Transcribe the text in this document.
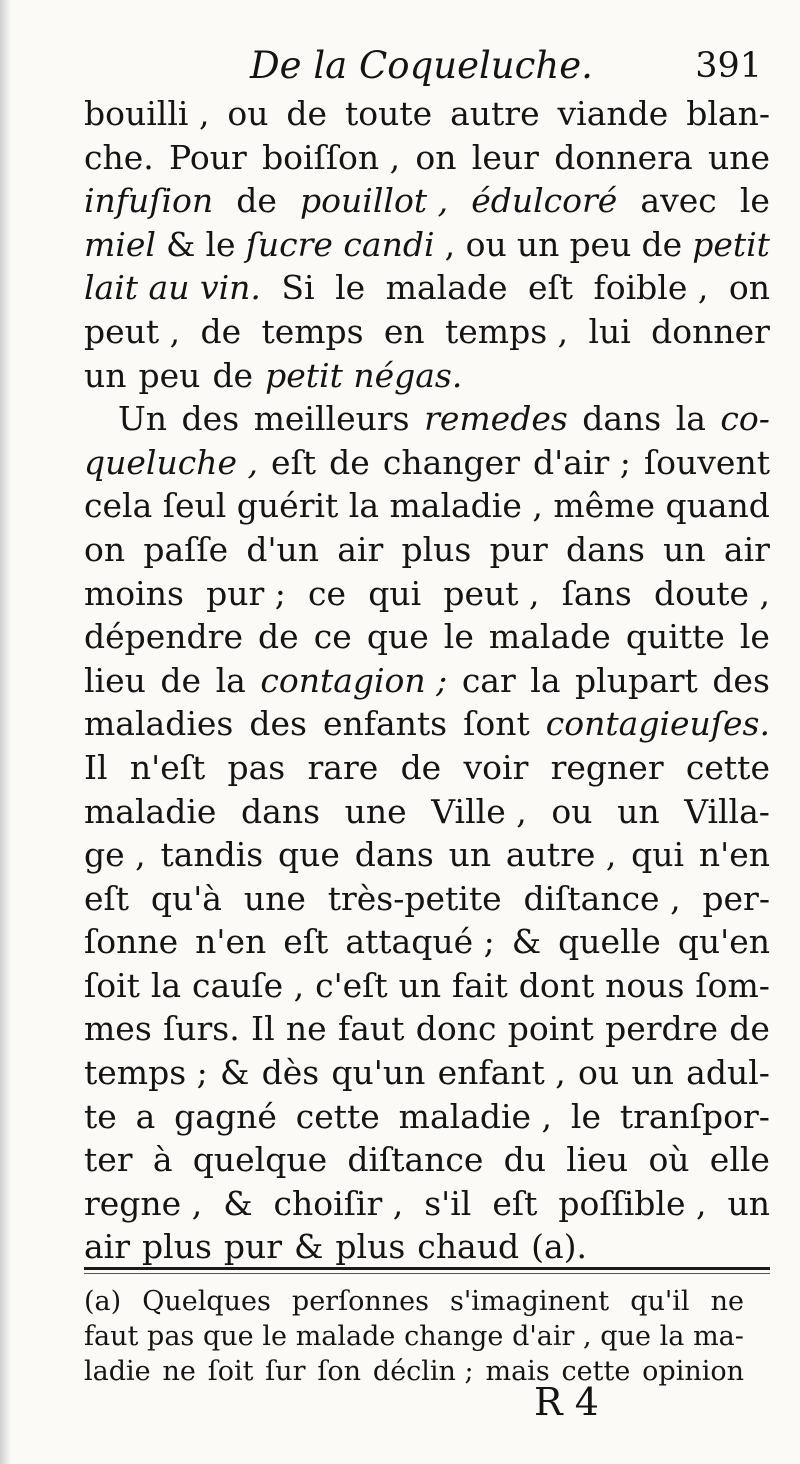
De la Coqueluche.	391
bouilli , ou de toute autre viande blan-
che. Pour boiſſon , on leur donnera une
infuſion de pouillot , édulcoré avec le
miel & le ſucre candi , ou un peu de petit
lait au vin. Si le malade eſt foible , on
peut , de temps en temps , lui donner
un peu de petit négas.
Un des meilleurs remedes dans la co-
queluche , eſt de changer d'air ; ſouvent
cela ſeul guérit la maladie , même quand
on paſſe d'un air plus pur dans un air
moins pur ; ce qui peut , ſans doute ,
dépendre de ce que le malade quitte le
lieu de la contagion ; car la plupart des
maladies des enfants ſont contagieuſes.
Il n'eſt pas rare de voir regner cette
maladie dans une Ville , ou un Villa-
ge , tandis que dans un autre , qui n'en
eſt qu'à une très-petite diſtance , per-
ſonne n'en eſt attaqué ; & quelle qu'en
ſoit la cauſe , c'eſt un fait dont nous ſom-
mes ſurs. Il ne faut donc point perdre de
temps ; & dès qu'un enfant , ou un adul-
te a gagné cette maladie , le tranſpor-
ter à quelque diſtance du lieu où elle
regne , & choiſir , s'il eſt poſſible , un
air plus pur & plus chaud (a).
(a) Quelques perſonnes s'imaginent qu'il ne
faut pas que le malade change d'air , que la ma-
ladie ne ſoit ſur ſon déclin ; mais cette opinion
R 4
